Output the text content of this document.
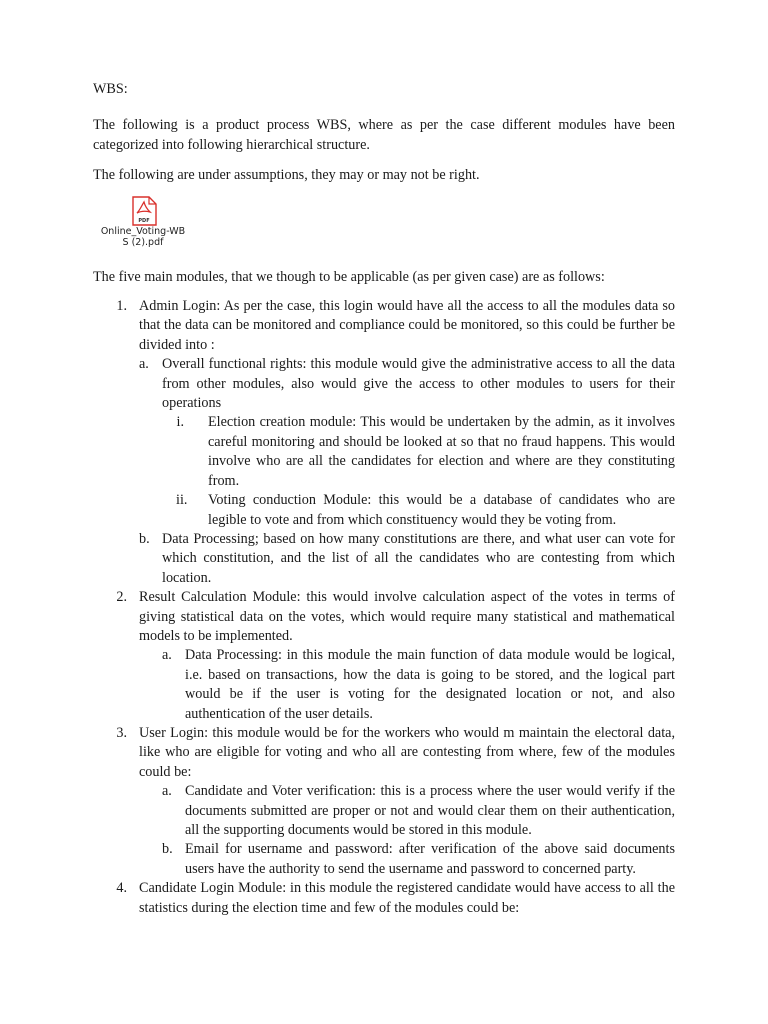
WBS:

The following is a product process WBS, where as per the case different modules have been categorized into following hierarchical structure.

The following are under assumptions, they may or may not be right.

PDF
Online_Voting-WB
S (2).pdf

The five main modules, that we though to be applicable (as per given case) are as follows:

1. Admin Login: As per the case, this login would have all the access to all the modules data so that the data can be monitored and compliance could be monitored, so this could be further be divided into :
a. Overall functional rights: this module would give the administrative access to all the data from other modules, also would give the access to other modules to users for their operations
i. Election creation module: This would be undertaken by the admin, as it involves careful monitoring and should be looked at so that no fraud happens. This would involve who are all the candidates for election and where are they constituting from.
ii. Voting conduction Module: this would be a database of candidates who are legible to vote and from which constituency would they be voting from.
b. Data Processing; based on how many constitutions are there, and what user can vote for which constitution, and the list of all the candidates who are contesting from which location.
2. Result Calculation Module: this would involve calculation aspect of the votes in terms of giving statistical data on the votes, which would require many statistical and mathematical models to be implemented.
a. Data Processing: in this module the main function of data module would be logical, i.e. based on transactions, how the data is going to be stored, and the logical part would be if the user is voting for the designated location or not, and also authentication of the user details.
3. User Login: this module would be for the workers who would m maintain the electoral data, like who are eligible for voting and who all are contesting from where, few of the modules could be:
a. Candidate and Voter verification: this is a process where the user would verify if the documents submitted are proper or not and would clear them on their authentication, all the supporting documents would be stored in this module.
b. Email for username and password: after verification of the above said documents users have the authority to send the username and password to concerned party.
4. Candidate Login Module: in this module the registered candidate would have access to all the statistics during the election time and few of the modules could be:
